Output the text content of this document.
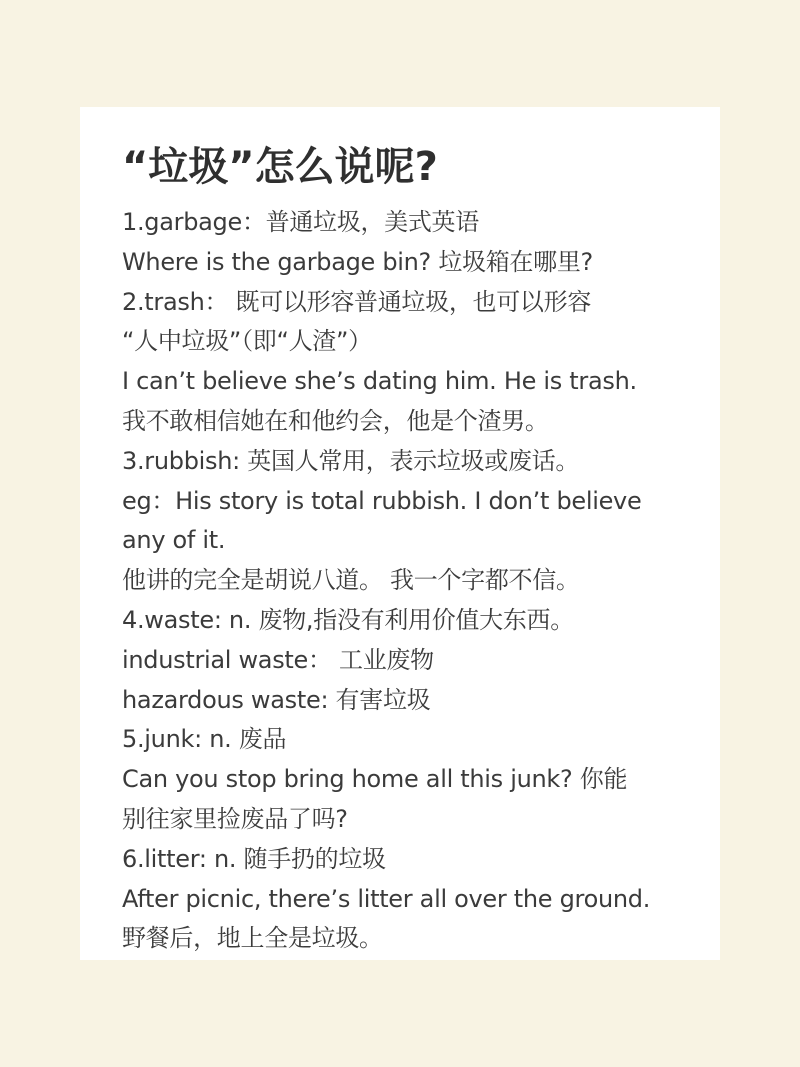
“垃圾”怎么说呢?
1.garbage：普通垃圾，美式英语
Where is the garbage bin? 垃圾箱在哪里?
2.trash： 既可以形容普通垃圾，也可以形容
“人中垃圾”（即“人渣”）
I can’t believe she’s dating him. He is trash.
我不敢相信她在和他约会，他是个渣男。
3.rubbish: 英国人常用，表示垃圾或废话。
eg：His story is total rubbish. I don’t believe
any of it.
他讲的完全是胡说八道。 我一个字都不信。
4.waste: n. 废物,指没有利用价值大东西。
industrial waste： 工业废物
hazardous waste: 有害垃圾
5.junk: n. 废品
Can you stop bring home all this junk? 你能
别往家里捡废品了吗?
6.litter: n. 随手扔的垃圾
After picnic, there’s litter all over the ground.
野餐后，地上全是垃圾。
